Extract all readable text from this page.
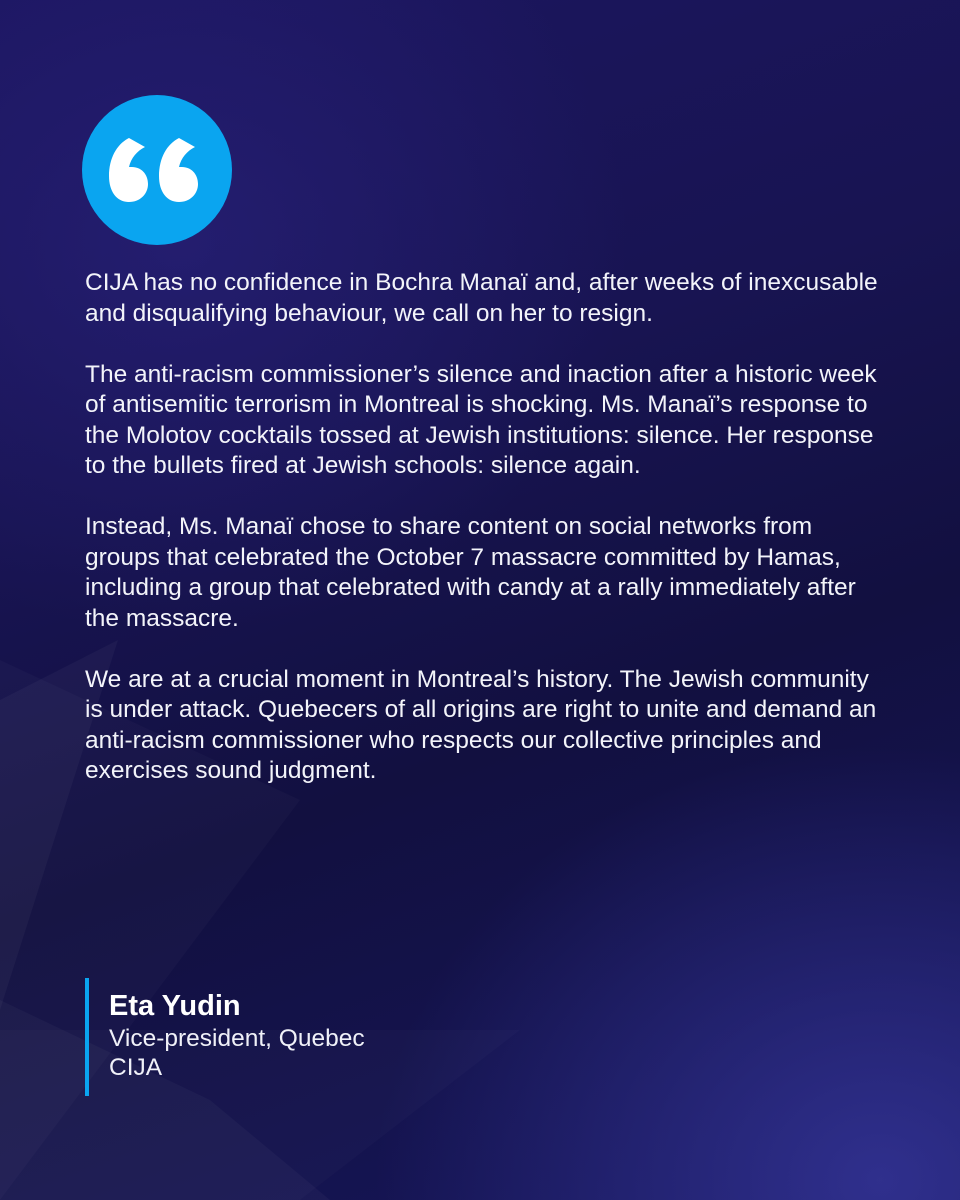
CIJA has no confidence in Bochra Manaï and, after weeks of inexcusable and disqualifying behaviour, we call on her to resign.

The anti-racism commissioner’s silence and inaction after a historic week of antisemitic terrorism in Montreal is shocking. Ms. Manaï’s response to the Molotov cocktails tossed at Jewish institutions: silence. Her response to the bullets fired at Jewish schools: silence again.

Instead, Ms. Manaï chose to share content on social networks from groups that celebrated the October 7 massacre committed by Hamas, including a group that celebrated with candy at a rally immediately after the massacre.

We are at a crucial moment in Montreal’s history. The Jewish community is under attack. Quebecers of all origins are right to unite and demand an anti-racism commissioner who respects our collective principles and exercises sound judgment.

Eta Yudin
Vice-president, Quebec
CIJA
